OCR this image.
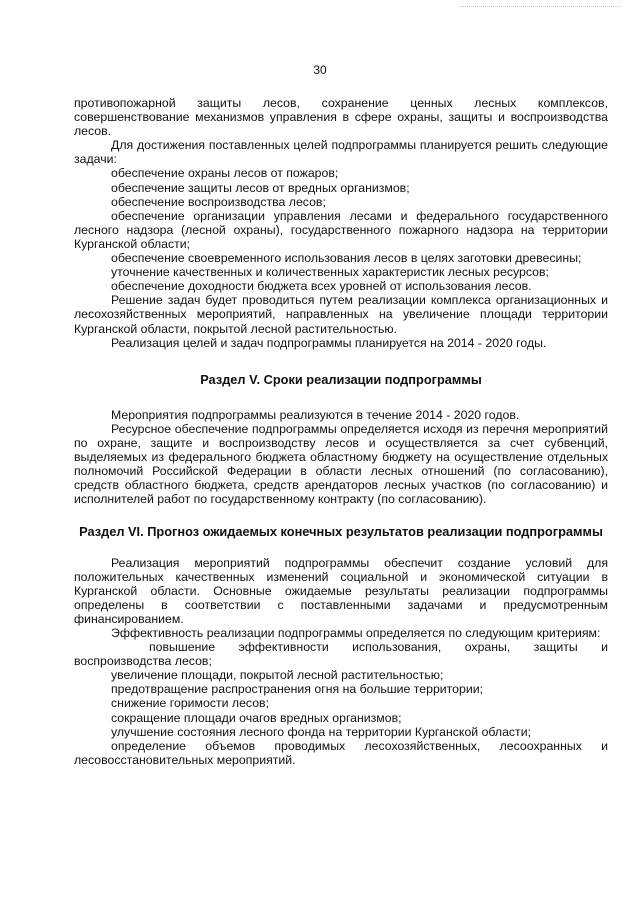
30

противопожарной защиты лесов, сохранение ценных лесных комплексов, совершенствование механизмов управления в сфере охраны, защиты и воспроизводства лесов.

Для достижения поставленных целей подпрограммы планируется решить следующие задачи:

обеспечение охраны лесов от пожаров;

обеспечение защиты лесов от вредных организмов;

обеспечение воспроизводства лесов;

обеспечение организации управления лесами и федерального государственного лесного надзора (лесной охраны), государственного пожарного надзора на территории Курганской области;

обеспечение своевременного использования лесов в целях заготовки древесины;

уточнение качественных и количественных характеристик лесных ресурсов;

обеспечение доходности бюджета всех уровней от использования лесов.

Решение задач будет проводиться путем реализации комплекса организационных и лесохозяйственных мероприятий, направленных на увеличение площади территории Курганской области, покрытой лесной растительностью.

Реализация целей и задач подпрограммы планируется на 2014 - 2020 годы.

Раздел V. Сроки реализации подпрограммы

Мероприятия подпрограммы реализуются в течение 2014 - 2020 годов.

Ресурсное обеспечение подпрограммы определяется исходя из перечня мероприятий по охране, защите и воспроизводству лесов и осуществляется за счет субвенций, выделяемых из федерального бюджета областному бюджету на осуществление отдельных полномочий Российской Федерации в области лесных отношений (по согласованию), средств областного бюджета, средств арендаторов лесных участков (по согласованию) и исполнителей работ по государственному контракту (по согласованию).

Раздел VI. Прогноз ожидаемых конечных результатов реализации подпрограммы

Реализация мероприятий подпрограммы обеспечит создание условий для положительных качественных изменений социальной и экономической ситуации в Курганской области. Основные ожидаемые результаты реализации подпрограммы определены в соответствии с поставленными задачами и предусмотренным финансированием.

Эффективность реализации подпрограммы определяется по следующим критериям:

повышение эффективности использования, охраны, защиты и воспроизводства лесов;

увеличение площади, покрытой лесной растительностью;

предотвращение распространения огня на большие территории;

снижение горимости лесов;

сокращение площади очагов вредных организмов;

улучшение состояния лесного фонда на территории Курганской области;

определение объемов проводимых лесохозяйственных, лесоохранных и лесовосстановительных мероприятий.
